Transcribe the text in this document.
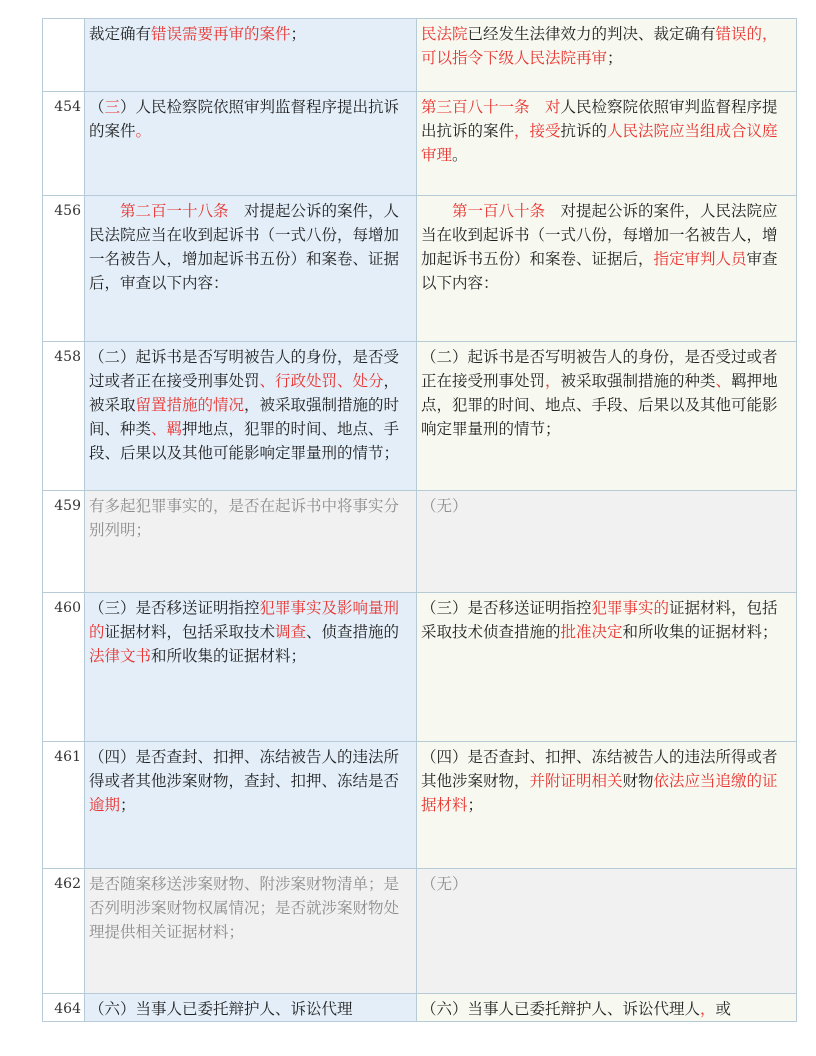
	裁定确有错误需要再审的案件；	民法院已经发生法律效力的判决、裁定确有错误的，可以指令下级人民法院再审；

454	（三）人民检察院依照审判监督程序提出抗诉的案件。	第三百八十一条　对人民检察院依照审判监督程序提出抗诉的案件，接受抗诉的人民法院应当组成合议庭审理。

456	第二百一十八条　对提起公诉的案件，人民法院应当在收到起诉书（一式八份，每增加一名被告人，增加起诉书五份）和案卷、证据后，审查以下内容：	第一百八十条　对提起公诉的案件，人民法院应当在收到起诉书（一式八份，每增加一名被告人，增加起诉书五份）和案卷、证据后，指定审判人员审查以下内容：

458	（二）起诉书是否写明被告人的身份，是否受过或者正在接受刑事处罚、行政处罚、处分，被采取留置措施的情况，被采取强制措施的时间、种类、羁押地点，犯罪的时间、地点、手段、后果以及其他可能影响定罪量刑的情节；	（二）起诉书是否写明被告人的身份，是否受过或者正在接受刑事处罚，被采取强制措施的种类、羁押地点，犯罪的时间、地点、手段、后果以及其他可能影响定罪量刑的情节；

459	有多起犯罪事实的，是否在起诉书中将事实分别列明；	（无）

460	（三）是否移送证明指控犯罪事实及影响量刑的证据材料，包括采取技术调查、侦查措施的法律文书和所收集的证据材料；	（三）是否移送证明指控犯罪事实的证据材料，包括采取技术侦查措施的批准决定和所收集的证据材料；

461	（四）是否查封、扣押、冻结被告人的违法所得或者其他涉案财物，查封、扣押、冻结是否逾期；	（四）是否查封、扣押、冻结被告人的违法所得或者其他涉案财物，并附证明相关财物依法应当追缴的证据材料；

462	是否随案移送涉案财物、附涉案财物清单；是否列明涉案财物权属情况；是否就涉案财物处理提供相关证据材料；	（无）

464	（六）当事人已委托辩护人、诉讼代理	（六）当事人已委托辩护人、诉讼代理人，或
